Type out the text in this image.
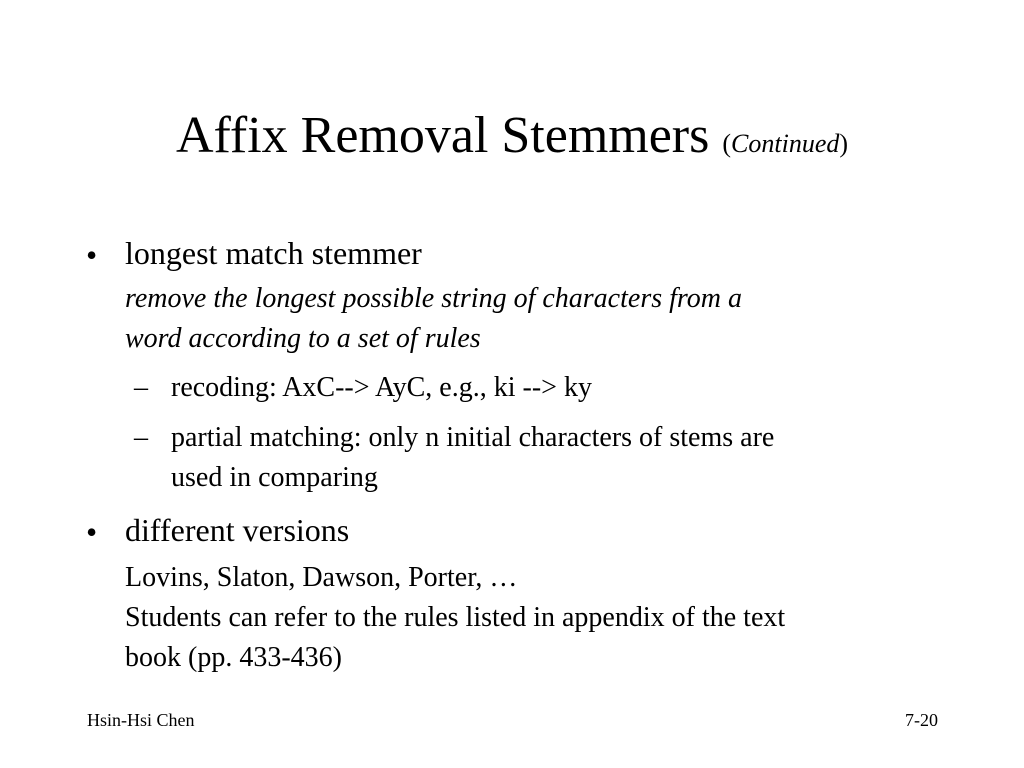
Affix Removal Stemmers (Continued)
• longest match stemmer
remove the longest possible string of characters from a
word according to a set of rules
– recoding: AxC--> AyC, e.g., ki --> ky
– partial matching: only n initial characters of stems are
used in comparing
• different versions
Lovins, Slaton, Dawson, Porter, …
Students can refer to the rules listed in appendix of the text
book (pp. 433-436)
Hsin-Hsi Chen	7-20
